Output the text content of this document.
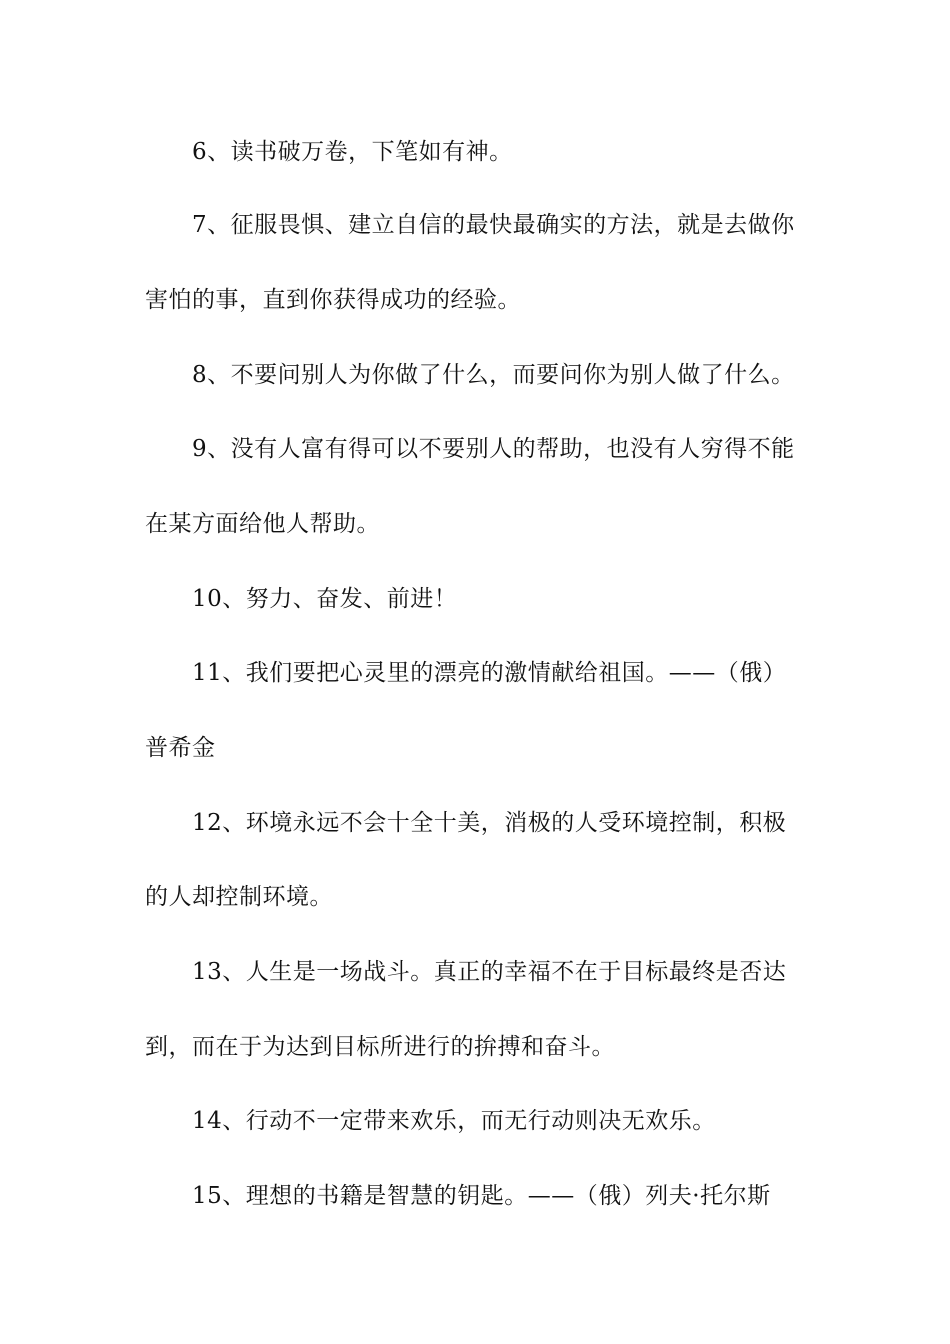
6、读书破万卷，下笔如有神。
7、征服畏惧、建立自信的最快最确实的方法，就是去做你
害怕的事，直到你获得成功的经验。
8、不要问别人为你做了什么，而要问你为别人做了什么。
9、没有人富有得可以不要别人的帮助，也没有人穷得不能
在某方面给他人帮助。
10、努力、奋发、前进！
11、我们要把心灵里的漂亮的激情献给祖国。——（俄）
普希金
12、环境永远不会十全十美，消极的人受环境控制，积极
的人却控制环境。
13、人生是一场战斗。真正的幸福不在于目标最终是否达
到，而在于为达到目标所进行的拚搏和奋斗。
14、行动不一定带来欢乐，而无行动则决无欢乐。
15、理想的书籍是智慧的钥匙。——（俄）列夫·托尔斯
